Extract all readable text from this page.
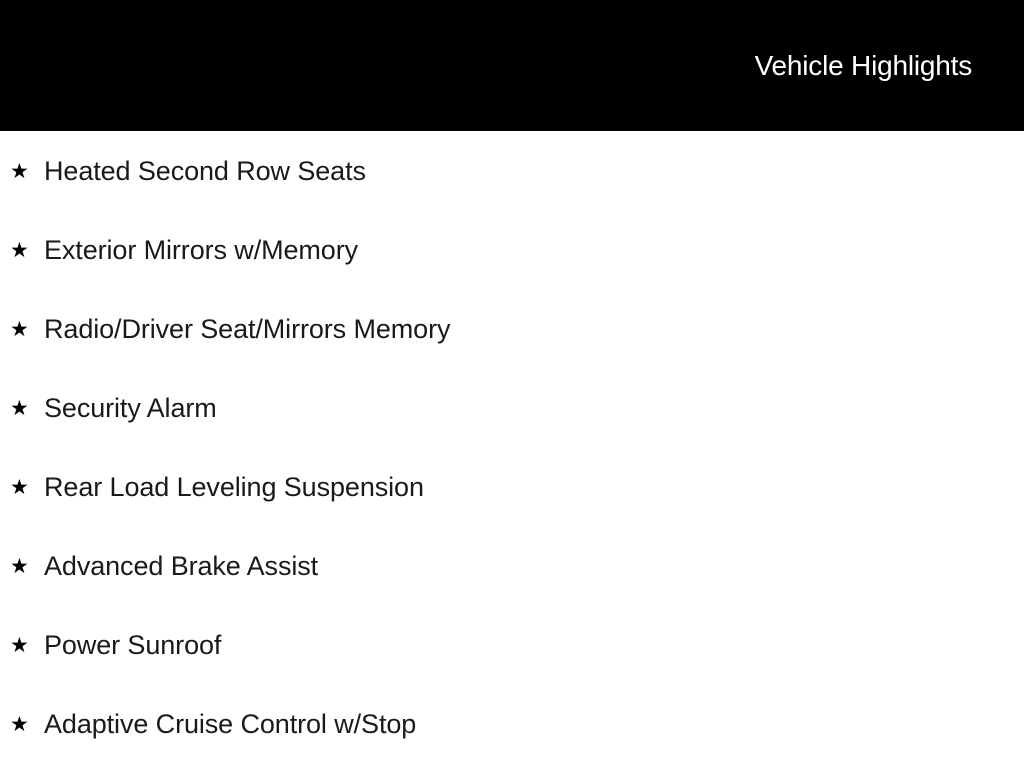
Vehicle Highlights
★ Heated Second Row Seats
★ Exterior Mirrors w/Memory
★ Radio/Driver Seat/Mirrors Memory
★ Security Alarm
★ Rear Load Leveling Suspension
★ Advanced Brake Assist
★ Power Sunroof
★ Adaptive Cruise Control w/Stop
